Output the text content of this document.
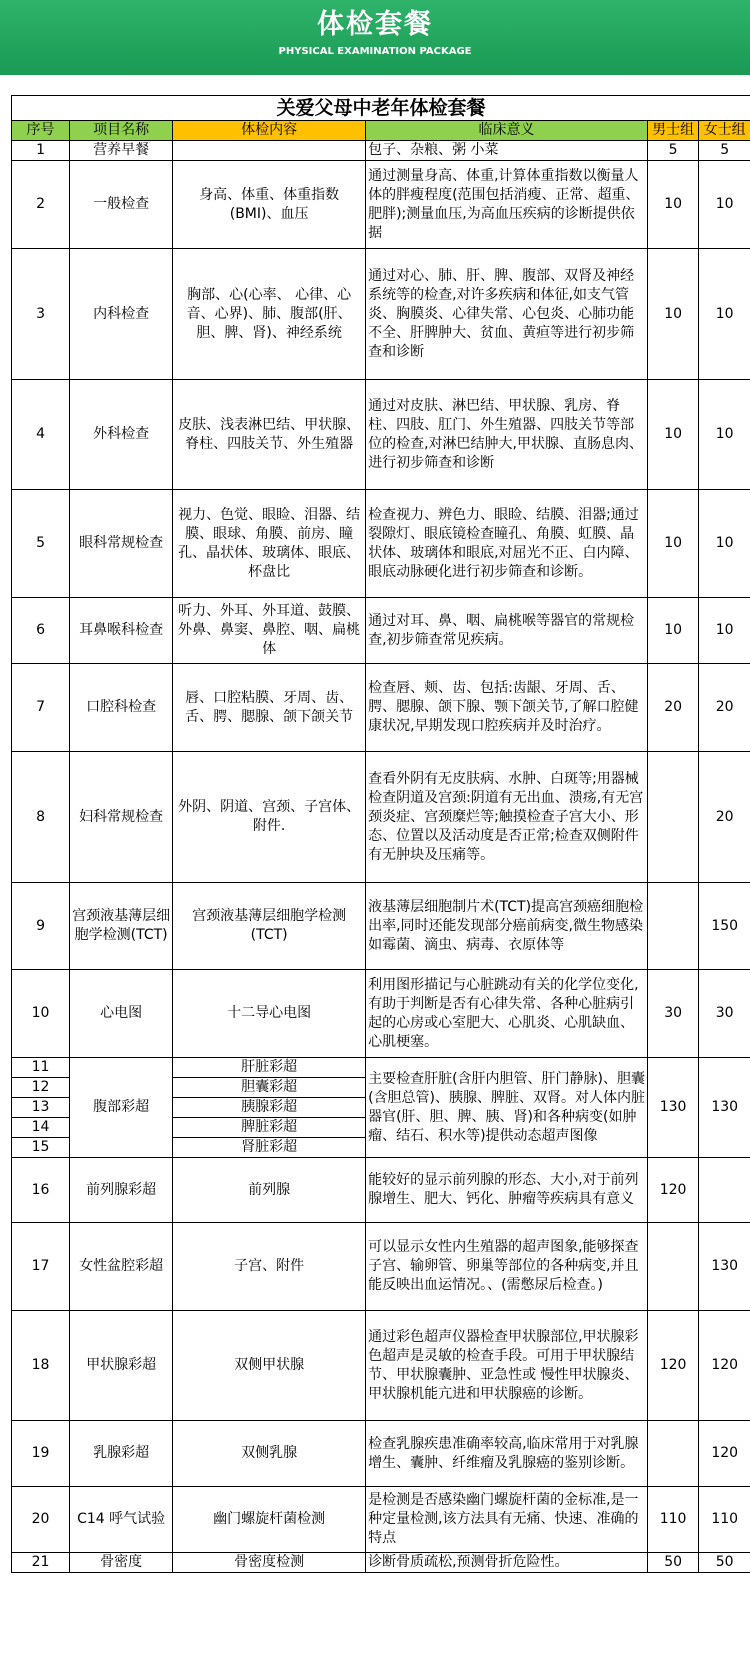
体检套餐
PHYSICAL EXAMINATION PACKAGE
关爱父母中老年体检套餐					
序号	项目名称	体检内容	临床意义	男士组	女士组
1	营养早餐		包子、杂粮、粥 小菜	5	5
2	一般检查	身高、体重、体重指数(BMI)、血压	通过测量身高、体重,计算体重指数以衡量人体的胖瘦程度(范围包括消瘦、正常、超重、肥胖);测量血压,为高血压疾病的诊断提供依据	10	10
3	内科检查	胸部、心(心率、 心律、心音、心界)、肺、腹部(肝、胆、脾、肾)、神经系统	通过对心、肺、肝、脾、腹部、双肾及神经系统等的检查,对许多疾病和体征,如支气管炎、胸膜炎、心律失常、心包炎、心肺功能不全、肝脾肿大、贫血、黄疸等进行初步筛查和诊断	10	10
4	外科检查	皮肤、浅表淋巴结、甲状腺、脊柱、四肢关节、外生殖器	通过对皮肤、淋巴结、甲状腺、乳房、脊柱、四肢、肛门、外生殖器、四肢关节等部位的检查,对淋巴结肿大,甲状腺、直肠息肉、进行初步筛查和诊断	10	10
5	眼科常规检查	视力、色觉、眼睑、泪器、结膜、眼球、角膜、前房、瞳孔、晶状体、玻璃体、眼底、杯盘比	检查视力、辨色力、眼睑、结膜、泪器;通过裂隙灯、眼底镜检查瞳孔、角膜、虹膜、晶状体、玻璃体和眼底,对屈光不正、白内障、眼底动脉硬化进行初步筛查和诊断。	10	10
6	耳鼻喉科检查	听力、外耳、外耳道、鼓膜、外鼻、鼻窦、鼻腔、咽、扁桃体	通过对耳、鼻、咽、扁桃喉等器官的常规检查,初步筛查常见疾病。	10	10
7	口腔科检查	唇、口腔粘膜、牙周、齿、舌、腭、腮腺、颌下颌关节	检查唇、颊、齿、包括:齿龈、牙周、舌、腭、腮腺、颌下腺、颚下颌关节,了解口腔健康状况,早期发现口腔疾病并及时治疗。	20	20
8	妇科常规检查	外阴、阴道、宫颈、子宫体、附件.	查看外阴有无皮肤病、水肿、白斑等;用器械检查阴道及宫颈:阴道有无出血、溃疡,有无宫颈炎症、宫颈糜烂等;触摸检查子宫大小、形态、位置以及活动度是否正常;检查双侧附件有无肿块及压痛等。		20
9	宫颈液基薄层细胞学检测(TCT)	宫颈液基薄层细胞学检测(TCT)	液基薄层细胞制片术(TCT)提高宫颈癌细胞检出率,同时还能发现部分癌前病变,微生物感染如霉菌、滴虫、病毒、衣原体等		150
10	心电图	十二导心电图	利用图形描记与心脏跳动有关的化学位变化,有助于判断是否有心律失常、各种心脏病引起的心房或心室肥大、心肌炎、心肌缺血、心肌梗塞。	30	30
11	腹部彩超	肝脏彩超	主要检查肝脏(含肝内胆管、肝门静脉)、胆囊(含胆总管)、胰腺、脾脏、双肾。对人体内脏器官(肝、胆、脾、胰、肾)和各种病变(如肿瘤、结石、积水等)提供动态超声图像	130	130
12		胆囊彩超			
13		胰腺彩超			
14		脾脏彩超			
15		肾脏彩超			
16	前列腺彩超	前列腺	能较好的显示前列腺的形态、大小,对于前列腺增生、肥大、钙化、肿瘤等疾病具有意义	120	
17	女性盆腔彩超	子宫、附件	可以显示女性内生殖器的超声图象,能够探查子宫、输卵管、卵巢等部位的各种病变,并且能反映出血运情况。、(需憋尿后检查。)		130
18	甲状腺彩超	双侧甲状腺	通过彩色超声仪器检查甲状腺部位,甲状腺彩色超声是灵敏的检查手段。可用于甲状腺结节、甲状腺囊肿、亚急性或 慢性甲状腺炎、甲状腺机能亢进和甲状腺癌的诊断。	120	120
19	乳腺彩超	双侧乳腺	检查乳腺疾患准确率较高,临床常用于对乳腺增生、囊肿、纤维瘤及乳腺癌的鉴别诊断。		120
20	C14 呼气试验	幽门螺旋杆菌检测	是检测是否感染幽门螺旋杆菌的金标准,是一种定量检测,该方法具有无痛、快速、准确的特点	110	110
21	骨密度	骨密度检测	诊断骨质疏松,预测骨折危险性。	50	50
